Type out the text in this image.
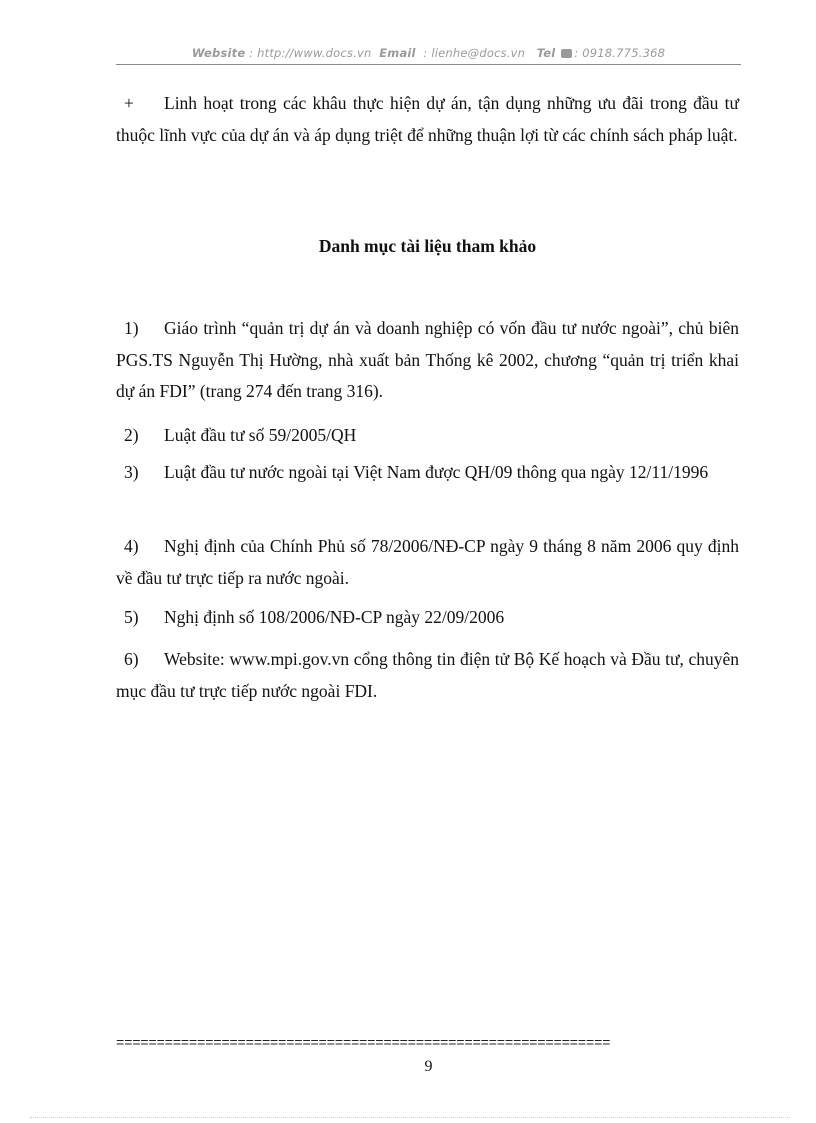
Website : http://www.docs.vn Email : lienhe@docs.vn Tel : 0918.775.368

+ Linh hoạt trong các khâu thực hiện dự án, tận dụng những ưu đãi trong đầu tư thuộc lĩnh vực của dự án và áp dụng triệt để những thuận lợi từ các chính sách pháp luật.

Danh mục tài liệu tham khảo

1) Giáo trình “quản trị dự án và doanh nghiệp có vốn đầu tư nước ngoài”, chủ biên PGS.TS Nguyễn Thị Hường, nhà xuất bản Thống kê 2002, chương “quản trị triển khai dự án FDI” (trang 274 đến trang 316).

2) Luật đầu tư số 59/2005/QH

3) Luật đầu tư nước ngoài tại Việt Nam được QH/09 thông qua ngày 12/11/1996

4) Nghị định của Chính Phủ số 78/2006/NĐ-CP ngày 9 tháng 8 năm 2006 quy định về đầu tư trực tiếp ra nước ngoài.

5) Nghị định số 108/2006/NĐ-CP ngày 22/09/2006

6) Website: www.mpi.gov.vn cổng thông tin điện tử Bộ Kế hoạch và Đầu tư, chuyên mục đầu tư trực tiếp nước ngoài FDI.

=============================================================
9
